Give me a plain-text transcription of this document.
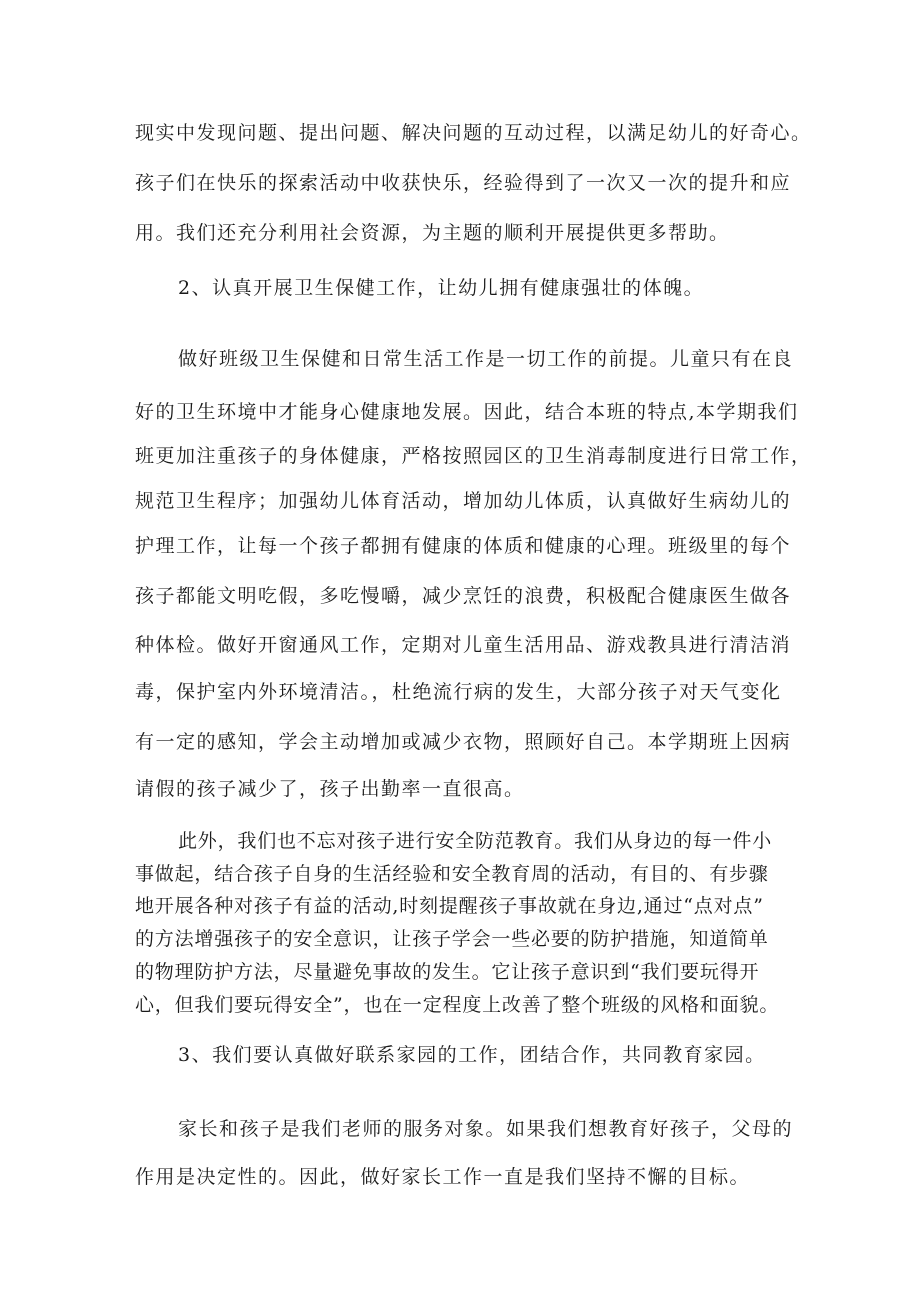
现实中发现问题、提出问题、解决问题的互动过程，以满足幼儿的好奇心。
孩子们在快乐的探索活动中收获快乐，经验得到了一次又一次的提升和应
用。我们还充分利用社会资源，为主题的顺利开展提供更多帮助。
2、认真开展卫生保健工作，让幼儿拥有健康强壮的体魄。
做好班级卫生保健和日常生活工作是一切工作的前提。儿童只有在良
好的卫生环境中才能身心健康地发展。因此，结合本班的特点,本学期我们
班更加注重孩子的身体健康，严格按照园区的卫生消毒制度进行日常工作，
规范卫生程序；加强幼儿体育活动，增加幼儿体质，认真做好生病幼儿的
护理工作，让每一个孩子都拥有健康的体质和健康的心理。班级里的每个
孩子都能文明吃假，多吃慢嚼，减少烹饪的浪费，积极配合健康医生做各
种体检。做好开窗通风工作，定期对儿童生活用品、游戏教具进行清洁消
毒，保护室内外环境清洁。，杜绝流行病的发生，大部分孩子对天气变化
有一定的感知，学会主动增加或减少衣物，照顾好自己。本学期班上因病
请假的孩子减少了，孩子出勤率一直很高。
此外，我们也不忘对孩子进行安全防范教育。我们从身边的每一件小
事做起，结合孩子自身的生活经验和安全教育周的活动，有目的、有步骤
地开展各种对孩子有益的活动,时刻提醒孩子事故就在身边,通过“点对点”
的方法增强孩子的安全意识，让孩子学会一些必要的防护措施，知道简单
的物理防护方法，尽量避免事故的发生。它让孩子意识到“我们要玩得开
心，但我们要玩得安全”，也在一定程度上改善了整个班级的风格和面貌。
3、我们要认真做好联系家园的工作，团结合作，共同教育家园。
家长和孩子是我们老师的服务对象。如果我们想教育好孩子，父母的
作用是决定性的。因此，做好家长工作一直是我们坚持不懈的目标。
